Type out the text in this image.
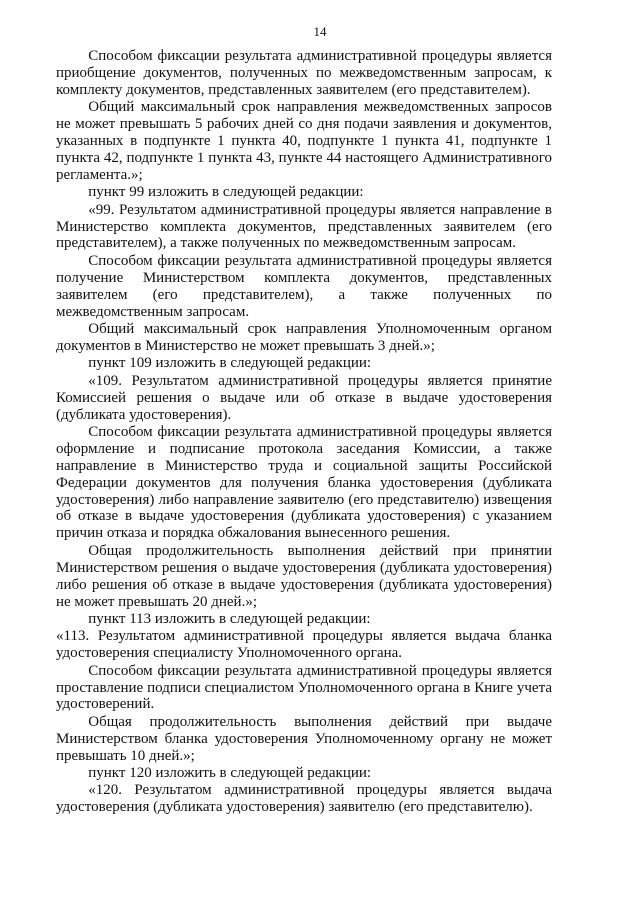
14

Способом фиксации результата административной процедуры является приобщение документов, полученных по межведомственным запросам, к комплекту документов, представленных заявителем (его представителем).

Общий максимальный срок направления межведомственных запросов не может превышать 5 рабочих дней со дня подачи заявления и документов, указанных в подпункте 1 пункта 40, подпункте 1 пункта 41, подпункте 1 пункта 42, подпункте 1 пункта 43, пункте 44 настоящего Административного регламента.»;

пункт 99 изложить в следующей редакции:

«99. Результатом административной процедуры является направление в Министерство комплекта документов, представленных заявителем (его представителем), а также полученных по межведомственным запросам.

Способом фиксации результата административной процедуры является получение Министерством комплекта документов, представленных заявителем (его представителем), а также полученных по межведомственным запросам.

Общий максимальный срок направления Уполномоченным органом документов в Министерство не может превышать 3 дней.»;

пункт 109 изложить в следующей редакции:

«109. Результатом административной процедуры является принятие Комиссией решения о выдаче или об отказе в выдаче удостоверения (дубликата удостоверения).

Способом фиксации результата административной процедуры является оформление и подписание протокола заседания Комиссии, а также направление в Министерство труда и социальной защиты Российской Федерации документов для получения бланка удостоверения (дубликата удостоверения) либо направление заявителю (его представителю) извещения об отказе в выдаче удостоверения (дубликата удостоверения) с указанием причин отказа и порядка обжалования вынесенного решения.

Общая продолжительность выполнения действий при принятии Министерством решения о выдаче удостоверения (дубликата удостоверения) либо решения об отказе в выдаче удостоверения (дубликата удостоверения) не может превышать 20 дней.»;

пункт 113 изложить в следующей редакции:

«113. Результатом административной процедуры является выдача бланка удостоверения специалисту Уполномоченного органа.

Способом фиксации результата административной процедуры является проставление подписи специалистом Уполномоченного органа в Книге учета удостоверений.

Общая продолжительность выполнения действий при выдаче Министерством бланка удостоверения Уполномоченному органу не может превышать 10 дней.»;

пункт 120 изложить в следующей редакции:

«120. Результатом административной процедуры является выдача удостоверения (дубликата удостоверения) заявителю (его представителю).
